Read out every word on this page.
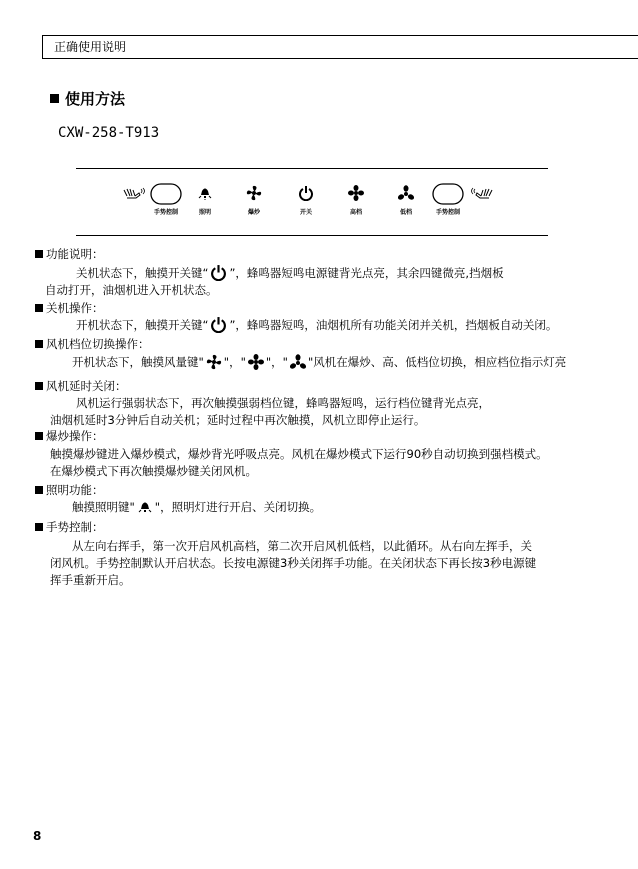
正确使用说明
使用方法
CXW-258-T913
手势控制	照明	爆炒	开关	高档	低档	手势控制
功能说明：
关机状态下，触摸开关键“ ”，蜂鸣器短鸣电源键背光点亮，其余四键微亮,挡烟板
自动打开，油烟机进入开机状态。
关机操作：
开机状态下，触摸开关键“ ”，蜂鸣器短鸣，油烟机所有功能关闭并关机，挡烟板自动关闭。
风机档位切换操作：
开机状态下，触摸风量键" "，" "，" "风机在爆炒、高、低档位切换，相应档位指示灯亮
风机延时关闭：
风机运行强弱状态下，再次触摸强弱档位键，蜂鸣器短鸣，运行档位键背光点亮，
油烟机延时3分钟后自动关机；延时过程中再次触摸，风机立即停止运行。
爆炒操作：
触摸爆炒键进入爆炒模式，爆炒背光呼吸点亮。风机在爆炒模式下运行90秒自动切换到强档模式。
在爆炒模式下再次触摸爆炒键关闭风机。
照明功能：
触摸照明键" "，照明灯进行开启、关闭切换。
手势控制：
从左向右挥手，第一次开启风机高档，第二次开启风机低档，以此循环。从右向左挥手，关
闭风机。手势控制默认开启状态。长按电源键3秒关闭挥手功能。在关闭状态下再长按3秒电源键
挥手重新开启。
8
